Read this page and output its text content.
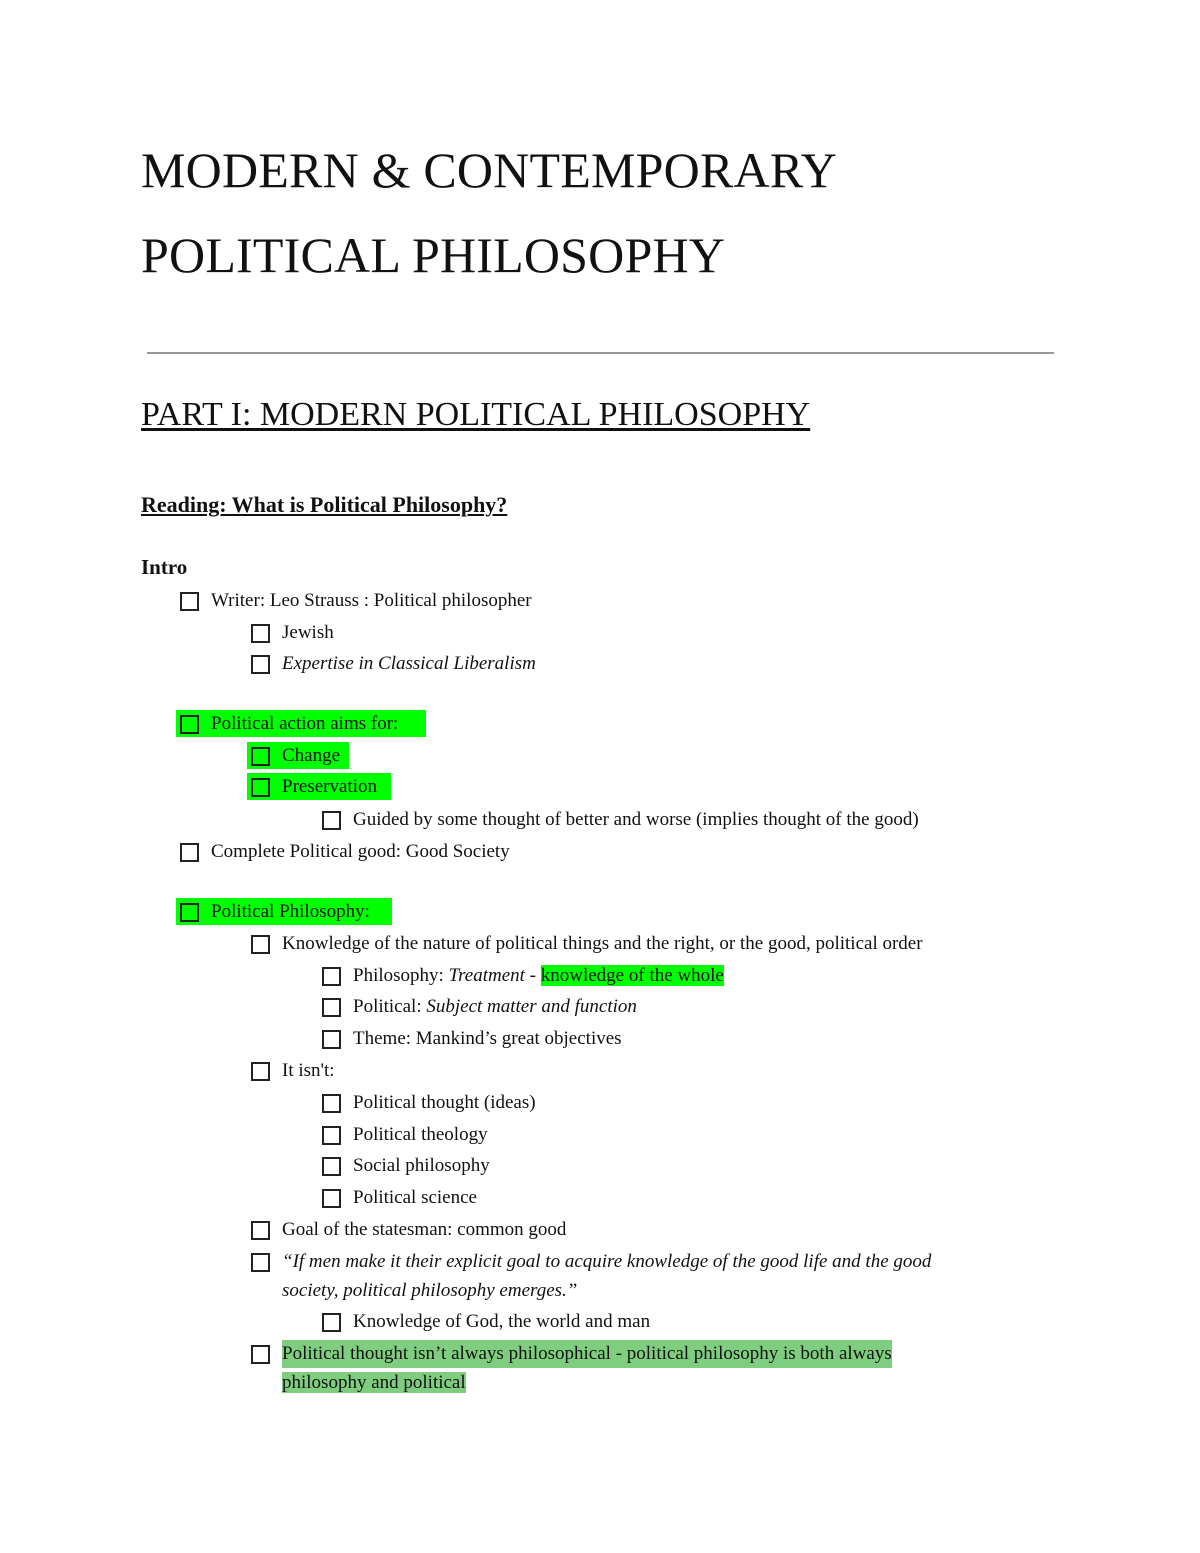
MODERN & CONTEMPORARY
POLITICAL PHILOSOPHY
PART I: MODERN POLITICAL PHILOSOPHY
Reading: What is Political Philosophy?
Intro
Writer: Leo Strauss : Political philosopher
Jewish
Expertise in Classical Liberalism
Political action aims for:
Change
Preservation
Guided by some thought of better and worse (implies thought of the good)
Complete Political good: Good Society
Political Philosophy:
Knowledge of the nature of political things and the right, or the good, political order
Philosophy: Treatment - knowledge of the whole
Political: Subject matter and function
Theme: Mankind’s great objectives
It isn't:
Political thought (ideas)
Political theology
Social philosophy
Political science
Goal of the statesman: common good
“If men make it their explicit goal to acquire knowledge of the good life and the good
society, political philosophy emerges.”
Knowledge of God, the world and man
Political thought isn’t always philosophical - political philosophy is both always
philosophy and political
